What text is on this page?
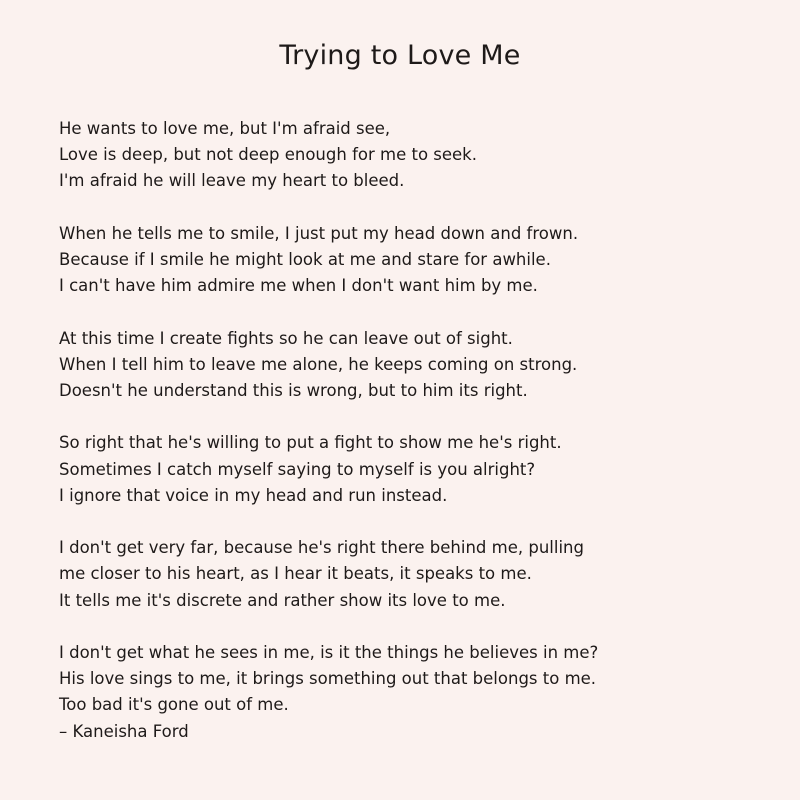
Trying to Love Me
He wants to love me, but I'm afraid see,
Love is deep, but not deep enough for me to seek.
I'm afraid he will leave my heart to bleed.
When he tells me to smile, I just put my head down and frown.
Because if I smile he might look at me and stare for awhile.
I can't have him admire me when I don't want him by me.
At this time I create fights so he can leave out of sight.
When I tell him to leave me alone, he keeps coming on strong.
Doesn't he understand this is wrong, but to him its right.
So right that he's willing to put a fight to show me he's right.
Sometimes I catch myself saying to myself is you alright?
I ignore that voice in my head and run instead.
I don't get very far, because he's right there behind me, pulling
me closer to his heart, as I hear it beats, it speaks to me.
It tells me it's discrete and rather show its love to me.
I don't get what he sees in me, is it the things he believes in me?
His love sings to me, it brings something out that belongs to me.
Too bad it's gone out of me.
– Kaneisha Ford
